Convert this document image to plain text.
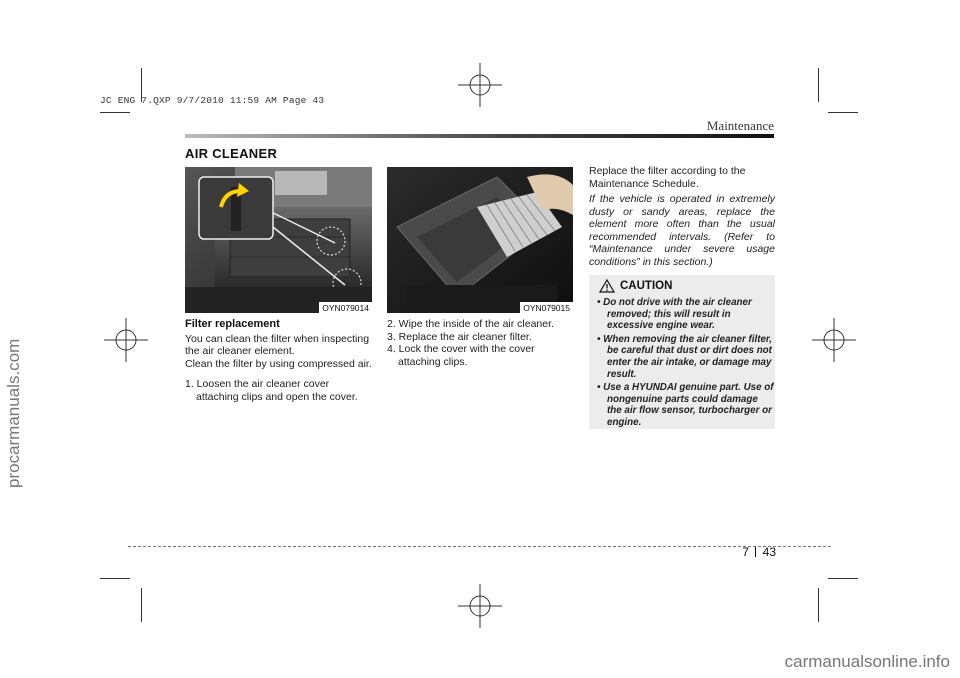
JC ENG 7.QXP 9/7/2010 11:59 AM Page 43
Maintenance
AIR CLEANER
OYN079014	OYN079015

Filter replacement

You can clean the filter when inspecting the air cleaner element.

Clean the filter by using compressed air.

1. Loosen the air cleaner cover attaching clips and open the cover.
2. Wipe the inside of the air cleaner.
3. Replace the air cleaner filter.
4. Lock the cover with the cover attaching clips.

Replace the filter according to the Maintenance Schedule.

If the vehicle is operated in extremely dusty or sandy areas, replace the element more often than the usual recommended intervals. (Refer to “Maintenance under severe usage conditions” in this section.)

CAUTION
• Do not drive with the air cleaner removed; this will result in excessive engine wear.
• When removing the air cleaner filter, be careful that dust or dirt does not enter the air intake, or damage may result.
• Use a HYUNDAI genuine part. Use of nongenuine parts could damage the air flow sensor, turbocharger or engine.
7 43
procarmanuals.com
carmanualsonline.info
